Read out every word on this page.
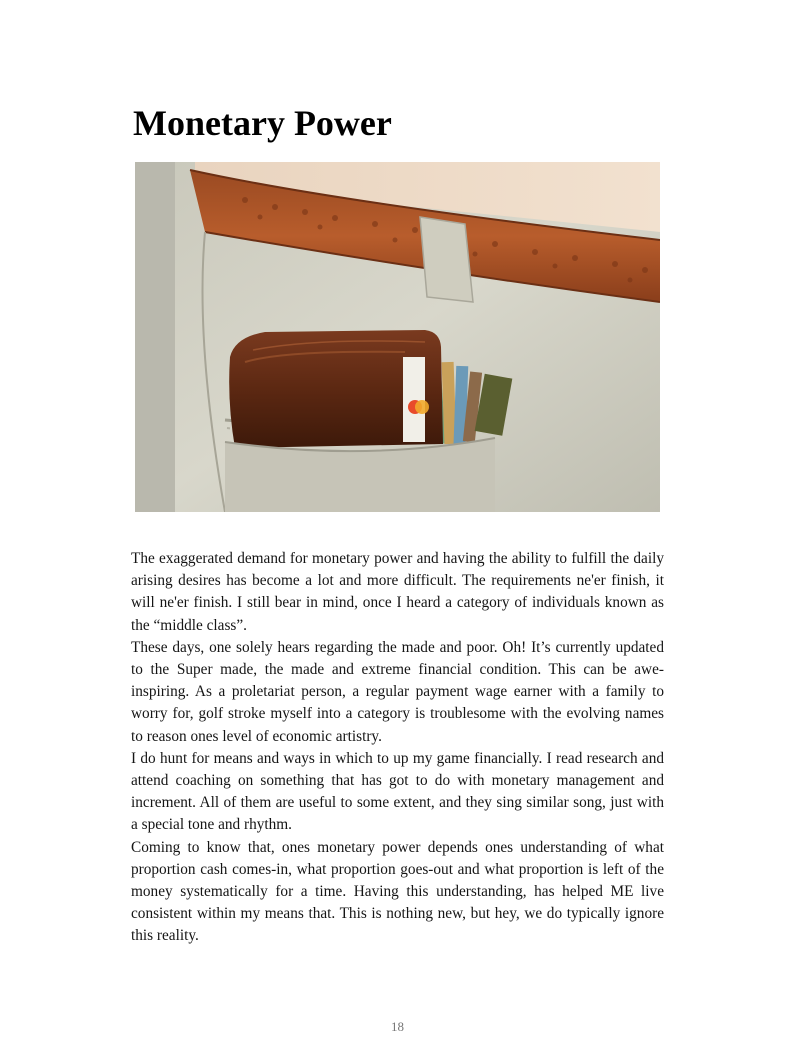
Monetary Power

The exaggerated demand for monetary power and having the ability to fulfill the daily arising desires has become a lot and more difficult. The requirements ne'er finish, it will ne'er finish. I still bear in mind, once I heard a category of individuals known as the “middle class”.

These days, one solely hears regarding the made and poor. Oh! It’s currently updated to the Super made, the made and extreme financial condition. This can be awe-inspiring. As a proletariat person, a regular payment wage earner with a family to worry for, golf stroke myself into a category is troublesome with the evolving names to reason ones level of economic artistry.

I do hunt for means and ways in which to up my game financially. I read research and attend coaching on something that has got to do with monetary management and increment. All of them are useful to some extent, and they sing similar song, just with a special tone and rhythm.

Coming to know that, ones monetary power depends ones understanding of what proportion cash comes-in, what proportion goes-out and what proportion is left of the money systematically for a time. Having this understanding, has helped ME live consistent within my means that. This is nothing new, but hey, we do typically ignore this reality.

18
